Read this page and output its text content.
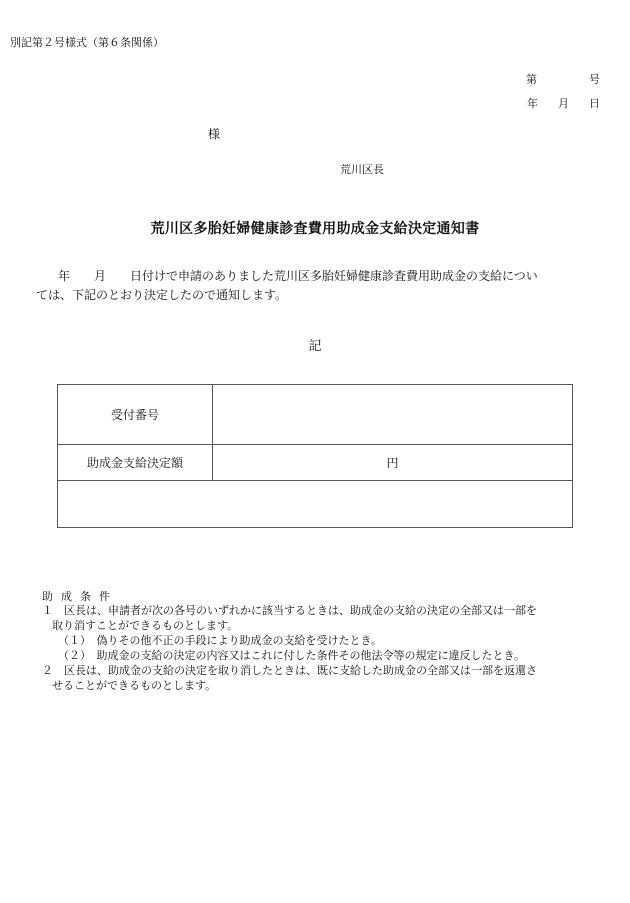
別記第２号様式（第６条関係）
第	号
年 月 日
様
荒川区長
荒川区多胎妊婦健康診査費用助成金支給決定通知書
年 月 日付けで申請のありました荒川区多胎妊婦健康診査費用助成金の支給につい
ては、下記のとおり決定したので通知します。
記
受付番号	
助成金支給決定額	円

助成条件
１　区長は、申請者が次の各号のいずれかに該当するときは、助成金の支給の決定の全部又は一部を
取り消すことができるものとします。
（１）　偽りその他不正の手段により助成金の支給を受けたとき。
（２）　助成金の支給の決定の内容又はこれに付した条件その他法令等の規定に違反したとき。
２　区長は、助成金の支給の決定を取り消したときは、既に支給した助成金の全部又は一部を返還さ
せることができるものとします。
